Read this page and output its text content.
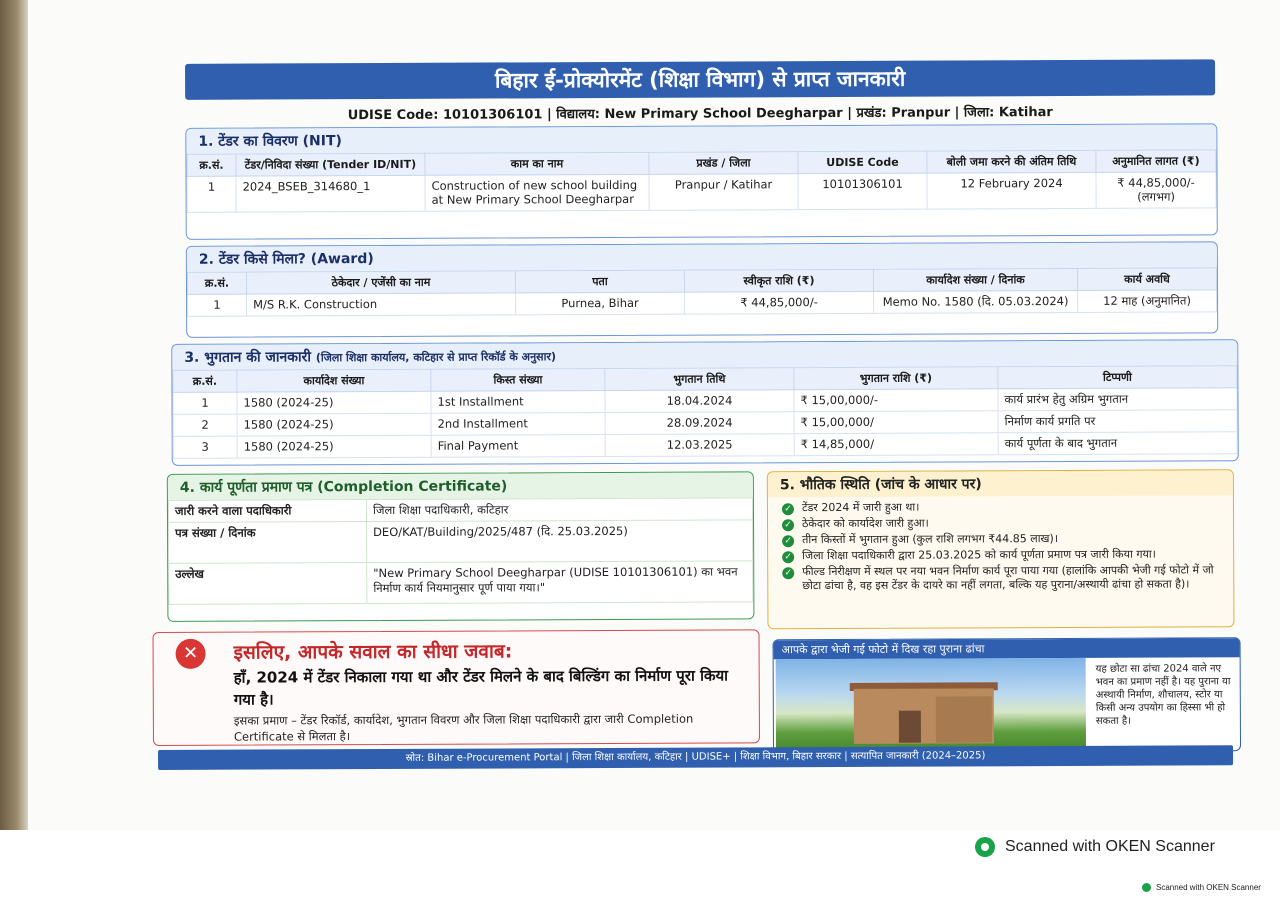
बिहार ई-प्रोक्योरमेंट (शिक्षा विभाग) से प्राप्त जानकारी
UDISE Code: 10101306101 | विद्यालय: New Primary School Deegharpar | प्रखंड: Pranpur | जिला: Katihar
1. टेंडर का विवरण (NIT)
क्र.सं.	टेंडर/निविदा संख्या (Tender ID/NIT)	काम का नाम	प्रखंड / जिला	UDISE Code	बोली जमा करने की अंतिम तिथि	अनुमानित लागत (₹)
1	2024_BSEB_314680_1	Construction of new school building at New Primary School Deegharpar	Pranpur / Katihar	10101306101	12 February 2024	₹ 44,85,000/- (लगभग)
2. टेंडर किसे मिला? (Award)
क्र.सं.	ठेकेदार / एजेंसी का नाम	पता	स्वीकृत राशि (₹)	कार्यादेश संख्या / दिनांक	कार्य अवधि
1	M/S R.K. Construction	Purnea, Bihar	₹ 44,85,000/-	Memo No. 1580 (दि. 05.03.2024)	12 माह (अनुमानित)
3. भुगतान की जानकारी (जिला शिक्षा कार्यालय, कटिहार से प्राप्त रिकॉर्ड के अनुसार)
क्र.सं.	कार्यादेश संख्या	किस्त संख्या	भुगतान तिथि	भुगतान राशि (₹)	टिप्पणी
1	1580 (2024-25)	1st Installment	18.04.2024	₹ 15,00,000/-	कार्य प्रारंभ हेतु अग्रिम भुगतान
2	1580 (2024-25)	2nd Installment	28.09.2024	₹ 15,00,000/	निर्माण कार्य प्रगति पर
3	1580 (2024-25)	Final Payment	12.03.2025	₹ 14,85,000/	कार्य पूर्णता के बाद भुगतान
4. कार्य पूर्णता प्रमाण पत्र (Completion Certificate)
जारी करने वाला पदाधिकारी	जिला शिक्षा पदाधिकारी, कटिहार
पत्र संख्या / दिनांक	DEO/KAT/Building/2025/487 (दि. 25.03.2025)
उल्लेख	"New Primary School Deegharpar (UDISE 10101306101) का भवन निर्माण कार्य नियमानुसार पूर्ण पाया गया।"
5. भौतिक स्थिति (जांच के आधार पर)
✓ टेंडर 2024 में जारी हुआ था।
✓ ठेकेदार को कार्यादेश जारी हुआ।
✓ तीन किस्तों में भुगतान हुआ (कुल राशि लगभग ₹44.85 लाख)।
✓ जिला शिक्षा पदाधिकारी द्वारा 25.03.2025 को कार्य पूर्णता प्रमाण पत्र जारी किया गया।
✓ फील्ड निरीक्षण में स्थल पर नया भवन निर्माण कार्य पूरा पाया गया (हालांकि आपकी भेजी गई फोटो में जो छोटा ढांचा है, वह इस टेंडर के दायरे का नहीं लगता, बल्कि यह पुराना/अस्थायी ढांचा हो सकता है)।
✕	इसलिए, आपके सवाल का सीधा जवाब:
हाँ, 2024 में टेंडर निकाला गया था और टेंडर मिलने के बाद बिल्डिंग का निर्माण पूरा किया गया है।
इसका प्रमाण – टेंडर रिकॉर्ड, कार्यादेश, भुगतान विवरण और जिला शिक्षा पदाधिकारी द्वारा जारी Completion Certificate से मिलता है।
आपके द्वारा भेजी गई फोटो में दिख रहा पुराना ढांचा
यह छोटा सा ढांचा 2024 वाले नए भवन का प्रमाण नहीं है। यह पुराना या अस्थायी निर्माण, शौचालय, स्टोर या किसी अन्य उपयोग का हिस्सा भी हो सकता है।
स्रोत: Bihar e-Procurement Portal | जिला शिक्षा कार्यालय, कटिहार | UDISE+ | शिक्षा विभाग, बिहार सरकार | सत्यापित जानकारी (2024–2025)
Scanned with OKEN Scanner
Scanned with OKEN Scanner
